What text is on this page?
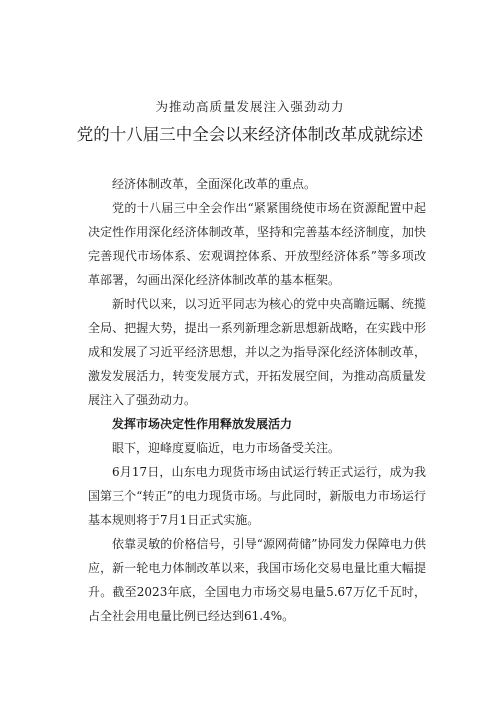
为推动高质量发展注入强劲动力
党的十八届三中全会以来经济体制改革成就综述

经济体制改革，全面深化改革的重点。

党的十八届三中全会作出“紧紧围绕使市场在资源配置中起决定性作用深化经济体制改革，坚持和完善基本经济制度，加快完善现代市场体系、宏观调控体系、开放型经济体系”等多项改革部署，勾画出深化经济体制改革的基本框架。

新时代以来，以习近平同志为核心的党中央高瞻远瞩、统揽全局、把握大势，提出一系列新理念新思想新战略，在实践中形成和发展了习近平经济思想，并以之为指导深化经济体制改革，激发发展活力，转变发展方式，开拓发展空间，为推动高质量发展注入了强劲动力。

发挥市场决定性作用释放发展活力

眼下，迎峰度夏临近，电力市场备受关注。

6月17日，山东电力现货市场由试运行转正式运行，成为我国第三个“转正”的电力现货市场。与此同时，新版电力市场运行基本规则将于7月1日正式实施。

依靠灵敏的价格信号，引导“源网荷储”协同发力保障电力供应，新一轮电力体制改革以来，我国市场化交易电量比重大幅提升。截至2023年底，全国电力市场交易电量5.67万亿千瓦时，占全社会用电量比例已经达到61.4%。
